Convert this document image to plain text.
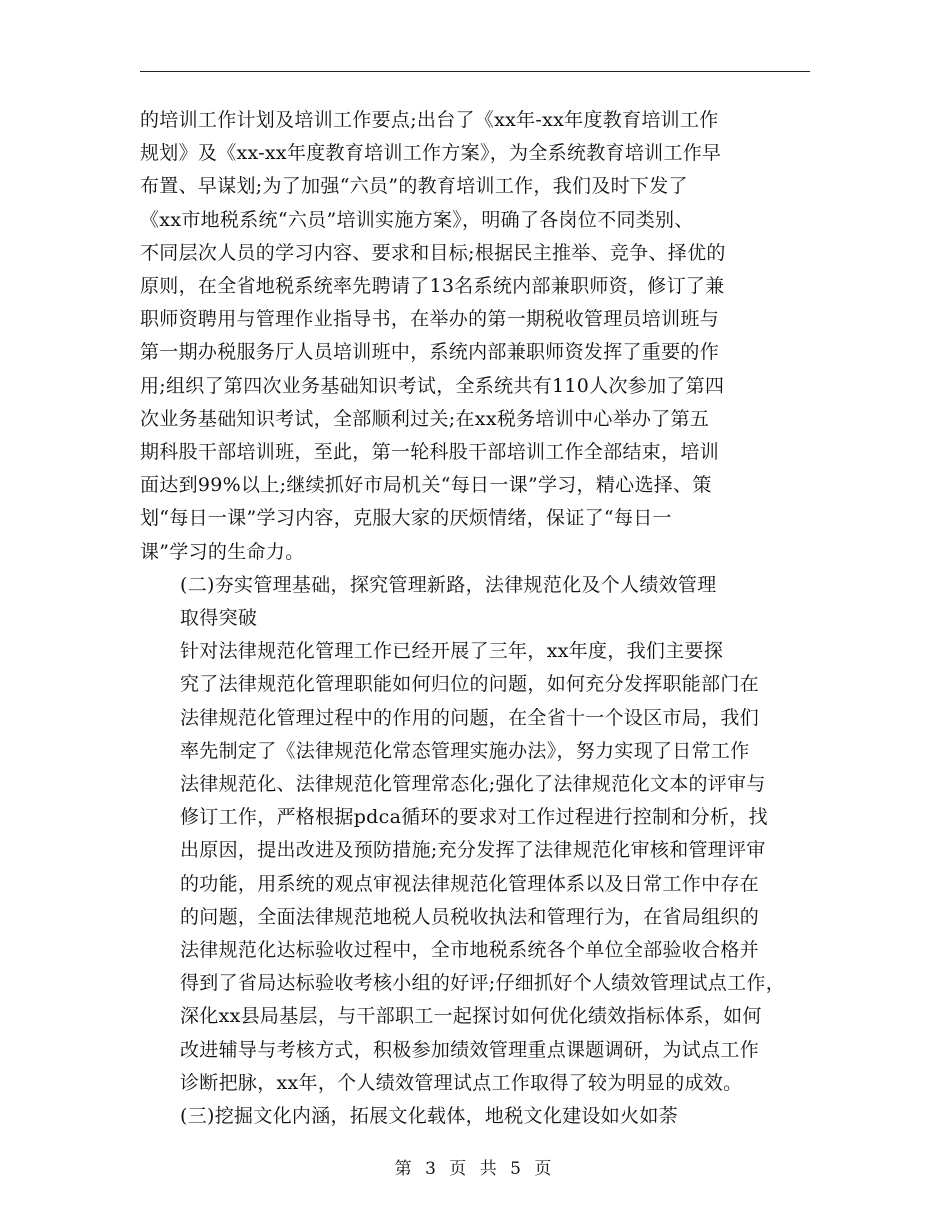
的培训工作计划及培训工作要点;出台了《xx年-xx年度教育培训工作
规划》及《xx-xx年度教育培训工作方案》，为全系统教育培训工作早
布置、早谋划;为了加强“六员”的教育培训工作，我们及时下发了
《xx市地税系统“六员”培训实施方案》，明确了各岗位不同类别、
不同层次人员的学习内容、要求和目标;根据民主推举、竞争、择优的
原则，在全省地税系统率先聘请了13名系统内部兼职师资，修订了兼
职师资聘用与管理作业指导书，在举办的第一期税收管理员培训班与
第一期办税服务厅人员培训班中，系统内部兼职师资发挥了重要的作
用;组织了第四次业务基础知识考试，全系统共有110人次参加了第四
次业务基础知识考试，全部顺利过关;在xx税务培训中心举办了第五
期科股干部培训班，至此，第一轮科股干部培训工作全部结束，培训
面达到99%以上;继续抓好市局机关“每日一课”学习，精心选择、策
划“每日一课”学习内容，克服大家的厌烦情绪，保证了“每日一
课”学习的生命力。

(二)夯实管理基础，探究管理新路，法律规范化及个人绩效管理
取得突破

针对法律规范化管理工作已经开展了三年，xx年度，我们主要探
究了法律规范化管理职能如何归位的问题，如何充分发挥职能部门在
法律规范化管理过程中的作用的问题，在全省十一个设区市局，我们
率先制定了《法律规范化常态管理实施办法》，努力实现了日常工作
法律规范化、法律规范化管理常态化;强化了法律规范化文本的评审与
修订工作，严格根据pdca循环的要求对工作过程进行控制和分析，找
出原因，提出改进及预防措施;充分发挥了法律规范化审核和管理评审
的功能，用系统的观点审视法律规范化管理体系以及日常工作中存在
的问题，全面法律规范地税人员税收执法和管理行为，在省局组织的
法律规范化达标验收过程中，全市地税系统各个单位全部验收合格并
得到了省局达标验收考核小组的好评;仔细抓好个人绩效管理试点工作，
深化xx县局基层，与干部职工一起探讨如何优化绩效指标体系，如何
改进辅导与考核方式，积极参加绩效管理重点课题调研，为试点工作
诊断把脉，xx年，个人绩效管理试点工作取得了较为明显的成效。

(三)挖掘文化内涵，拓展文化载体，地税文化建设如火如荼

第 3 页 共 5 页
